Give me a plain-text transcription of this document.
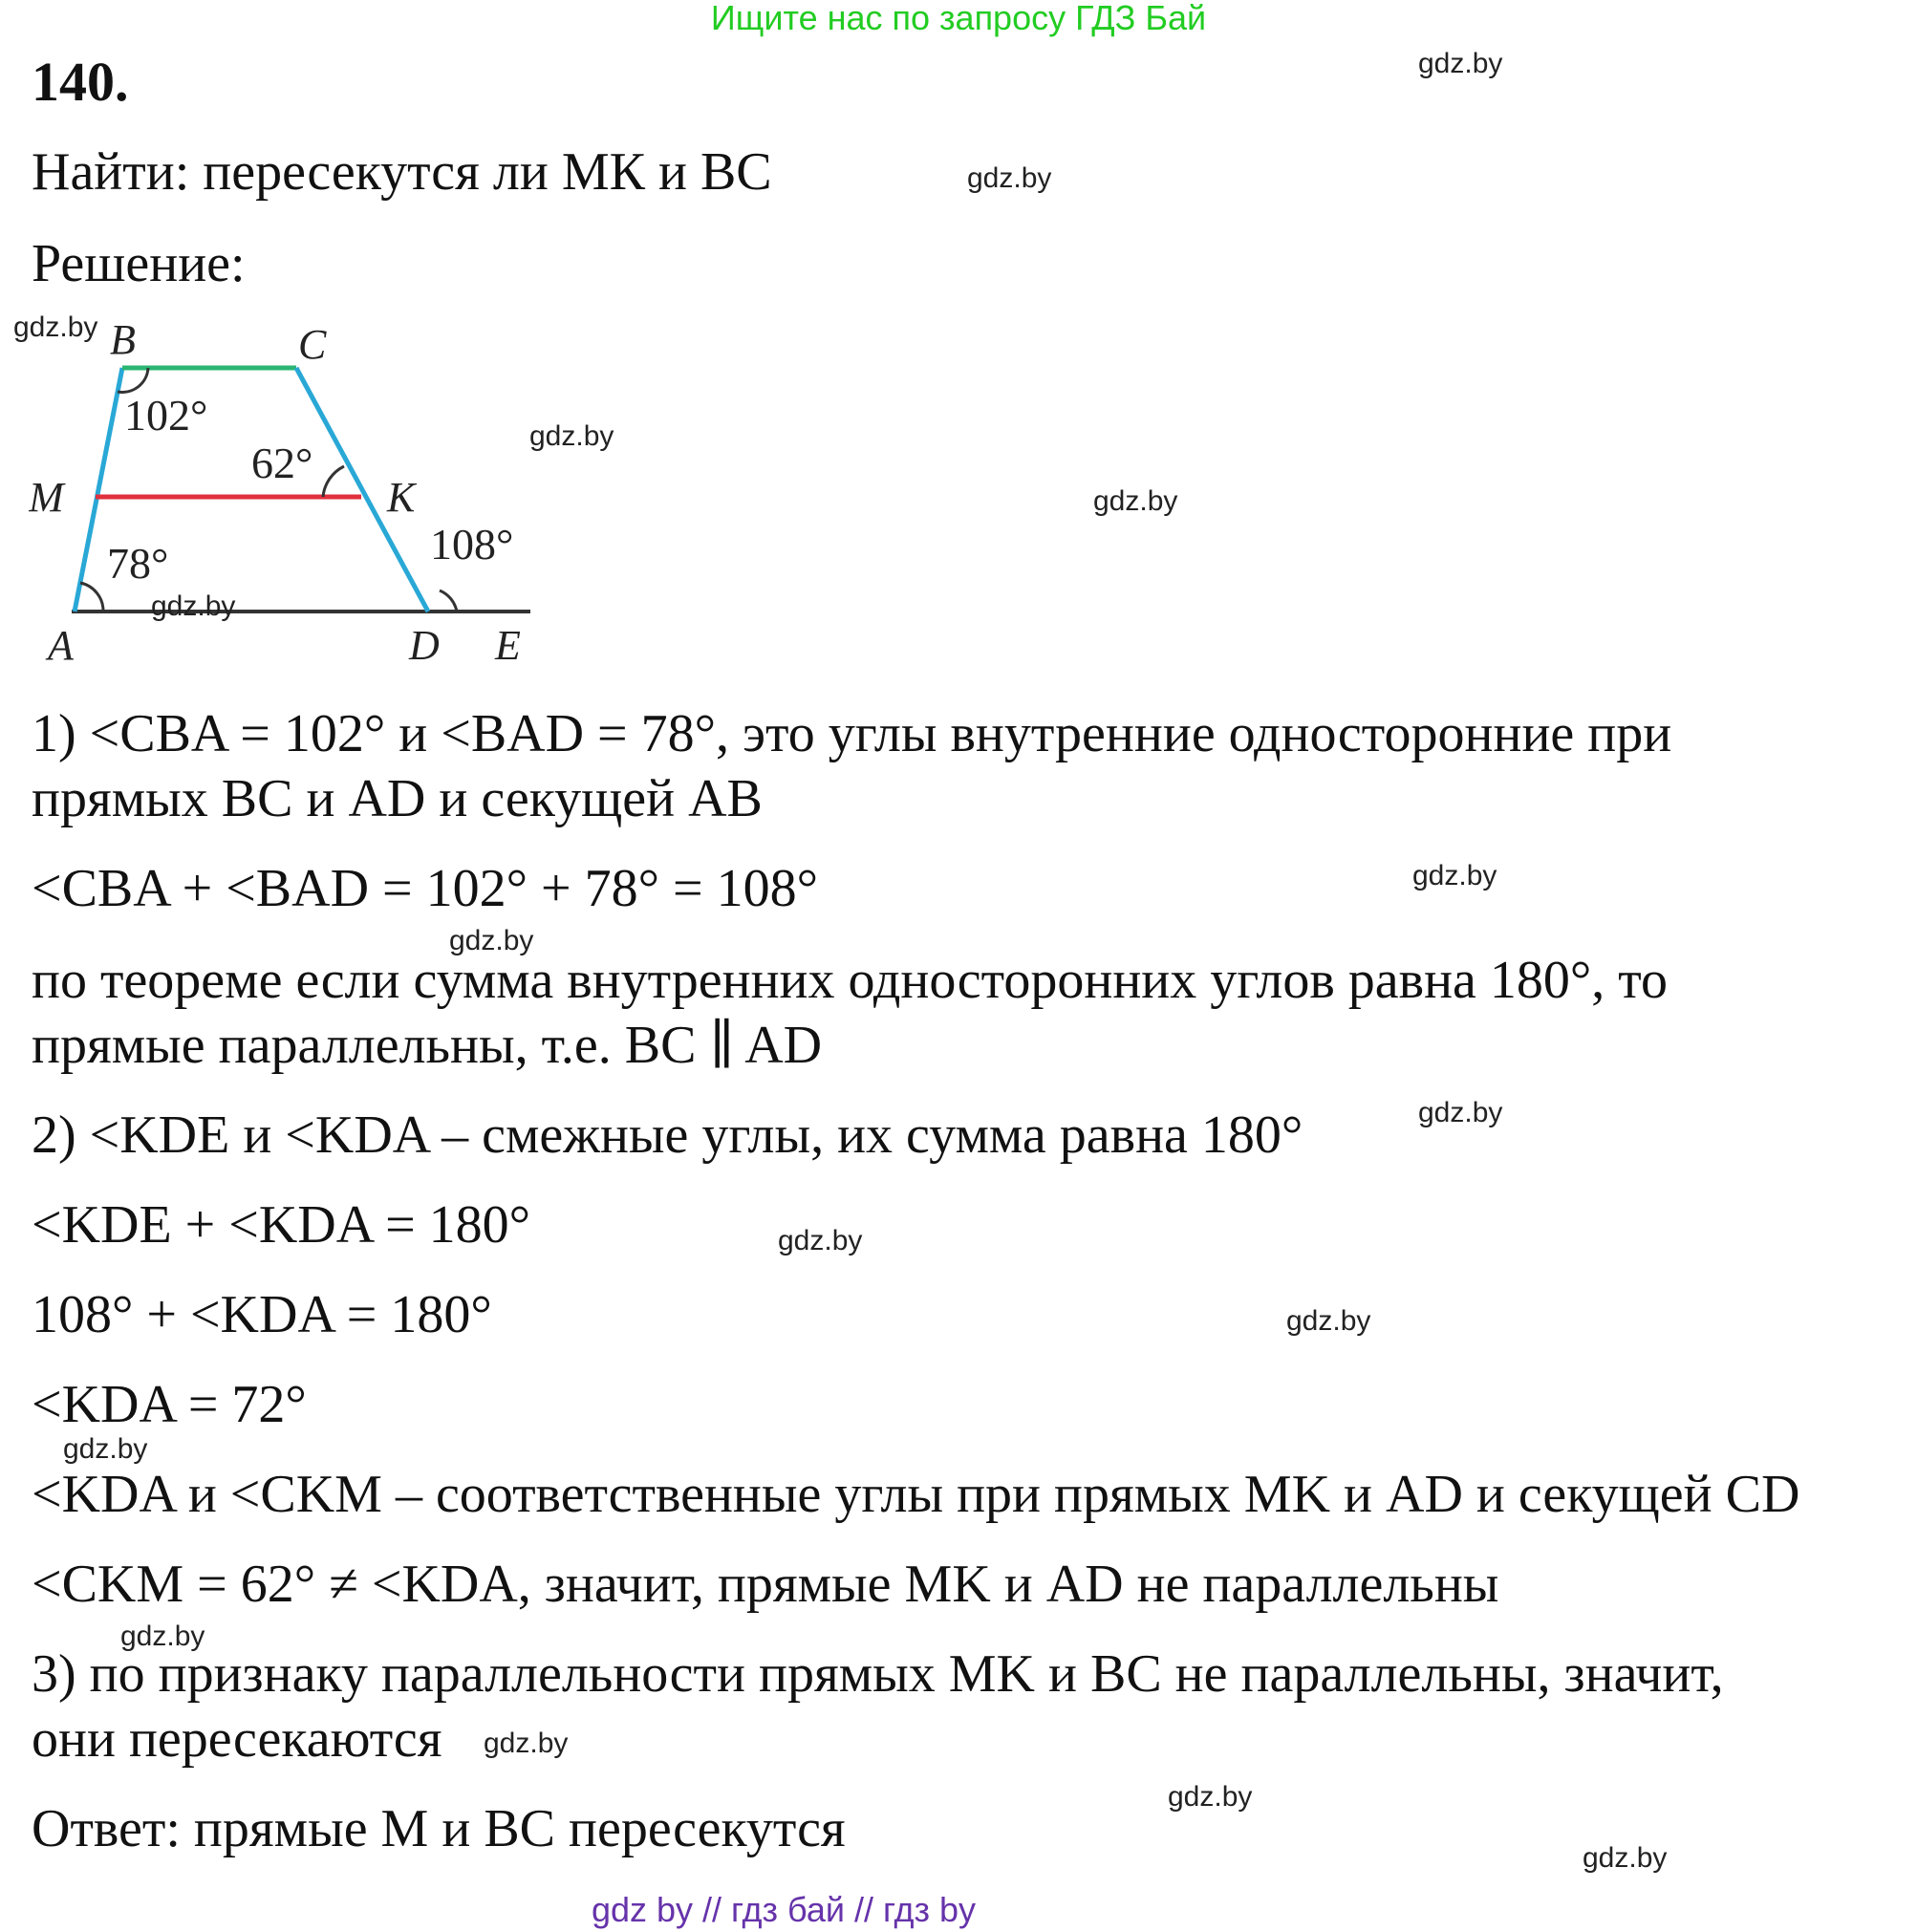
Ищите нас по запросу ГДЗ Бай
140.
Найти: пересекутся ли МК и ВС
Решение:
B	C
M	K
A	D E
102°
62°
78°	108°
1) <CBA = 102° и <BAD = 78°, это углы внутренние односторонние при
прямых BC и AD и секущей AB
<CBA + <BAD = 102° + 78° = 108°
по теореме если сумма внутренних односторонних углов равна 180°, то
прямые параллельны, т.е. BC ∥ AD
2) <KDE и <KDA – смежные углы, их сумма равна 180°
<KDE + <KDA = 180°
108° + <KDA = 180°
<KDA = 72°
<KDA и <CKM – соответственные углы при прямых MK и AD и секущей CD
<CKM = 62° ≠ <KDA, значит, прямые MK и AD не параллельны
3) по признаку параллельности прямых MK и BC не параллельны, значит,
они пересекаются
Ответ: прямые М и ВС пересекутся
gdz.by
gdz.by
gdz.by
gdz.by
gdz.by
gdz.by
gdz.by
gdz.by
gdz.by
gdz.by
gdz.by
gdz.by
gdz.by
gdz.by
gdz.by
gdz.by
gdz by // гдз бай // гдз by
